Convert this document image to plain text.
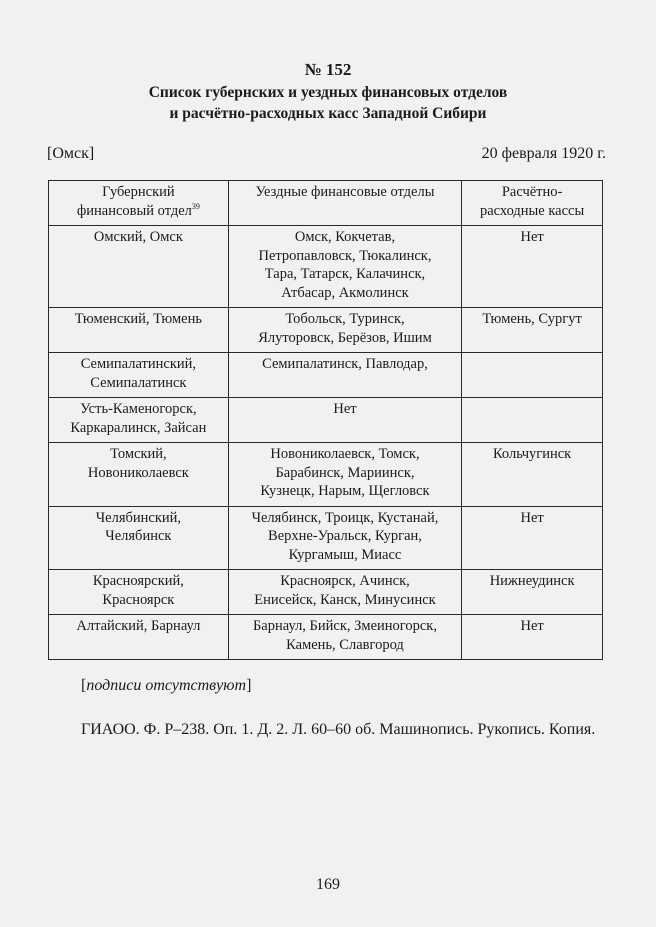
№ 152
Список губернских и уездных финансовых отделов
и расчётно-расходных касс Западной Сибири
[Омск]	20 февраля 1920 г.
Губернский
финансовый отдел$^{39}$	Уездные финансовые отделы	Расчётно-
расходные кассы

Омский, Омск	Омск, Кокчетав,
Петропавловск, Тюкалинск,
Тара, Татарск, Калачинск,
Атбасар, Акмолинск	Нет

Тюменский, Тюмень	Тобольск, Туринск,
Ялуторовск, Берёзов, Ишим	Тюмень, Сургут

Семипалатинский,
Семипалатинск	Семипалатинск, Павлодар,	

Усть-Каменогорск,
Каркаралинск, Зайсан	Нет	

Томский,
Новониколаевск	Новониколаевск, Томск,
Барабинск, Мариинск,
Кузнецк, Нарым, Щегловск	Кольчугинск

Челябинский,
Челябинск	Челябинск, Троицк, Кустанай,
Верхне-Уральск, Курган,
Кургамыш, Миасс	Нет

Красноярский,
Красноярск	Красноярск, Ачинск,
Енисейск, Канск, Минусинск	Нижнеудинск

Алтайский, Барнаул	Барнаул, Бийск, Змеиногорск,
Камень, Славгород	Нет
[подписи отсутствуют]
ГИАОО. Ф. Р–238. Оп. 1. Д. 2. Л. 60–60 об. Машинопись. Рукопись. Копия.
169
